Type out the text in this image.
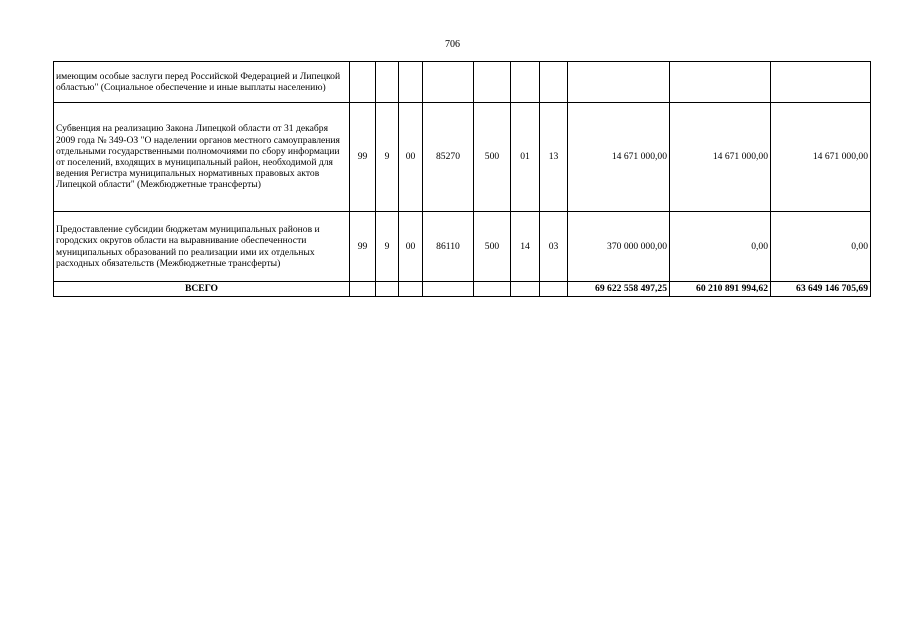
706
имеющим особые заслуги перед Российской Федерацией и Липецкой областью" (Социальное обеспечение и иные выплаты населению)										
Субвенция на реализацию Закона Липецкой области от 31 декабря 2009 года № 349-ОЗ "О наделении органов местного самоуправления отдельными государственными полномочиями по сбору информации от поселений, входящих в муниципальный район, необходимой для ведения Регистра муниципальных нормативных правовых актов Липецкой области" (Межбюджетные трансферты)	99	9	00	85270	500	01	13	14 671 000,00	14 671 000,00	14 671 000,00
Предоставление субсидии бюджетам муниципальных районов и городских округов области на выравнивание обеспеченности муниципальных образований по реализации ими их отдельных расходных обязательств (Межбюджетные трансферты)	99	9	00	86110	500	14	03	370 000 000,00	0,00	0,00
ВСЕГО								69 622 558 497,25	60 210 891 994,62	63 649 146 705,69
